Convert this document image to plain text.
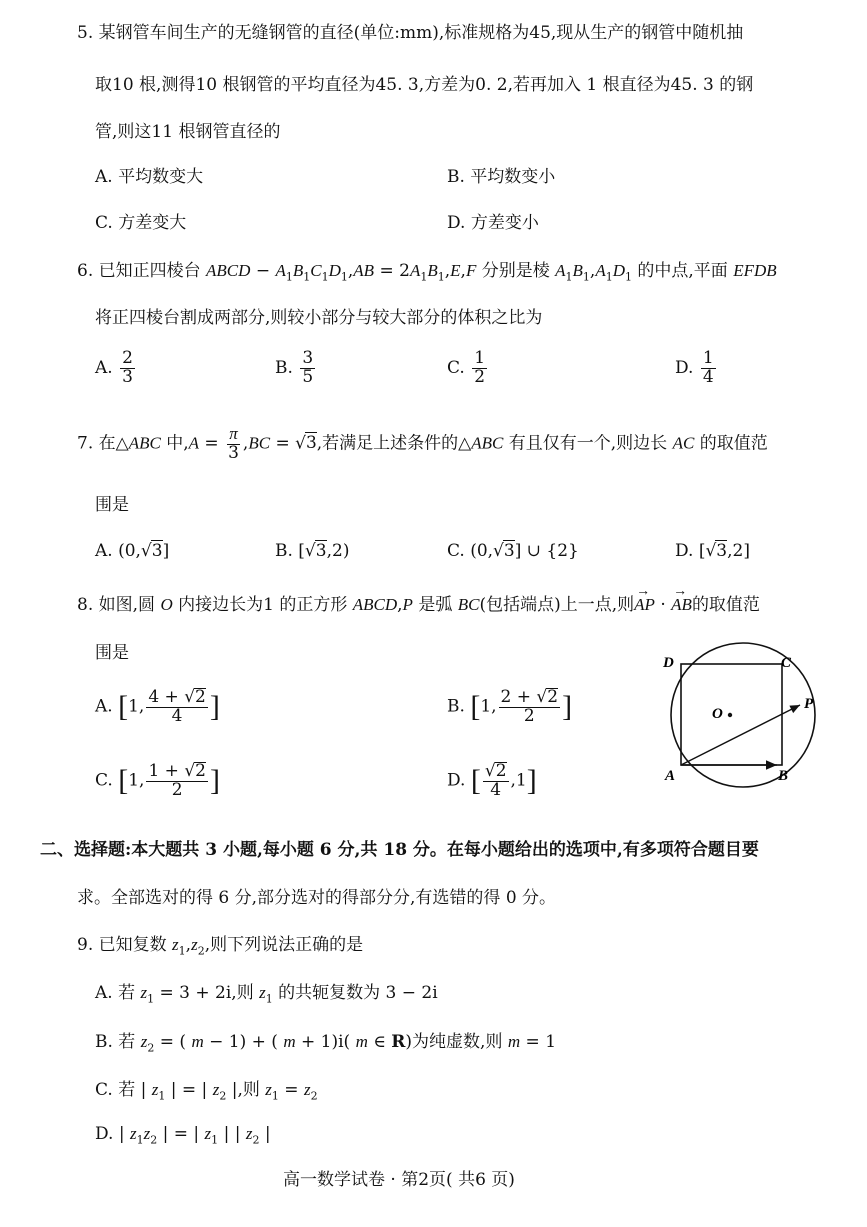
5. 某钢管车间生产的无缝钢管的直径(单位:mm),标准规格为45,现从生产的钢管中随机抽
取10 根,测得10 根钢管的平均直径为45. 3,方差为0. 2,若再加入 1 根直径为45. 3 的钢
管,则这11 根钢管直径的
A. 平均数变大	B. 平均数变小
C. 方差变大	D. 方差变小
6. 已知正四棱台 ABCD − $A_1B_1C_1D_1,AB = 2A_1B_1,E,F$ 分别是棱 $A_1B_1,A_1D_1$ 的中点,平面 EFDB
将正四棱台割成两部分,则较小部分与较大部分的体积之比为
A. $\frac{2}{3}$	B. $\frac{3}{5}$	C. $\frac{1}{2}$	D. $\frac{1}{4}$
7. 在△ABC 中$,A = \frac{\pi}{3} ,BC = √3$,若满足上述条件的△ABC 有且仅有一个,则边长 AC 的取值范
围是
A. (0,√3]	B. [√3,2)	C. (0,√3] ∪ {2}	D. [√3,2]
8. 如图,圆 O 内接边长为1 的正方形 ABCD,P 是弧 BC(包括端点)上一点,则→ AP · → AB的取值范
围是
A. [1, $\frac{4 + √2}{4}$ ]	B. [1, $\frac{2 + √2}{2}$ ]
C. [1, $\frac{1 + √2}{2}$ ]	D. [ $\frac{√2}{4} ,1$]
D	C
A	B
P
O
二、选择题:本大题共 3 小题,每小题 6 分,共 18 分。在每小题给出的选项中,有多项符合题目要
求。全部选对的得 6 分,部分选对的得部分分,有选错的得 0 分。
9. 已知复数 $z_1,z_2$,则下列说法正确的是
A. 若 $z_1 = 3 + 2i$,则 $z_1$ 的共轭复数为 3 − 2i
B. 若 $z_2$ = ( m − 1) + ( m + 1)i( m ∈ R)为纯虚数,则 m = 1
C. 若 | $z_1$ | = | $z_2$ |,则 $z_1 = z_2$
D. | $z_1z_2$ | = | $z_1$ | | $z_2$ |
高一数学试卷 · 第2页( 共6 页)
